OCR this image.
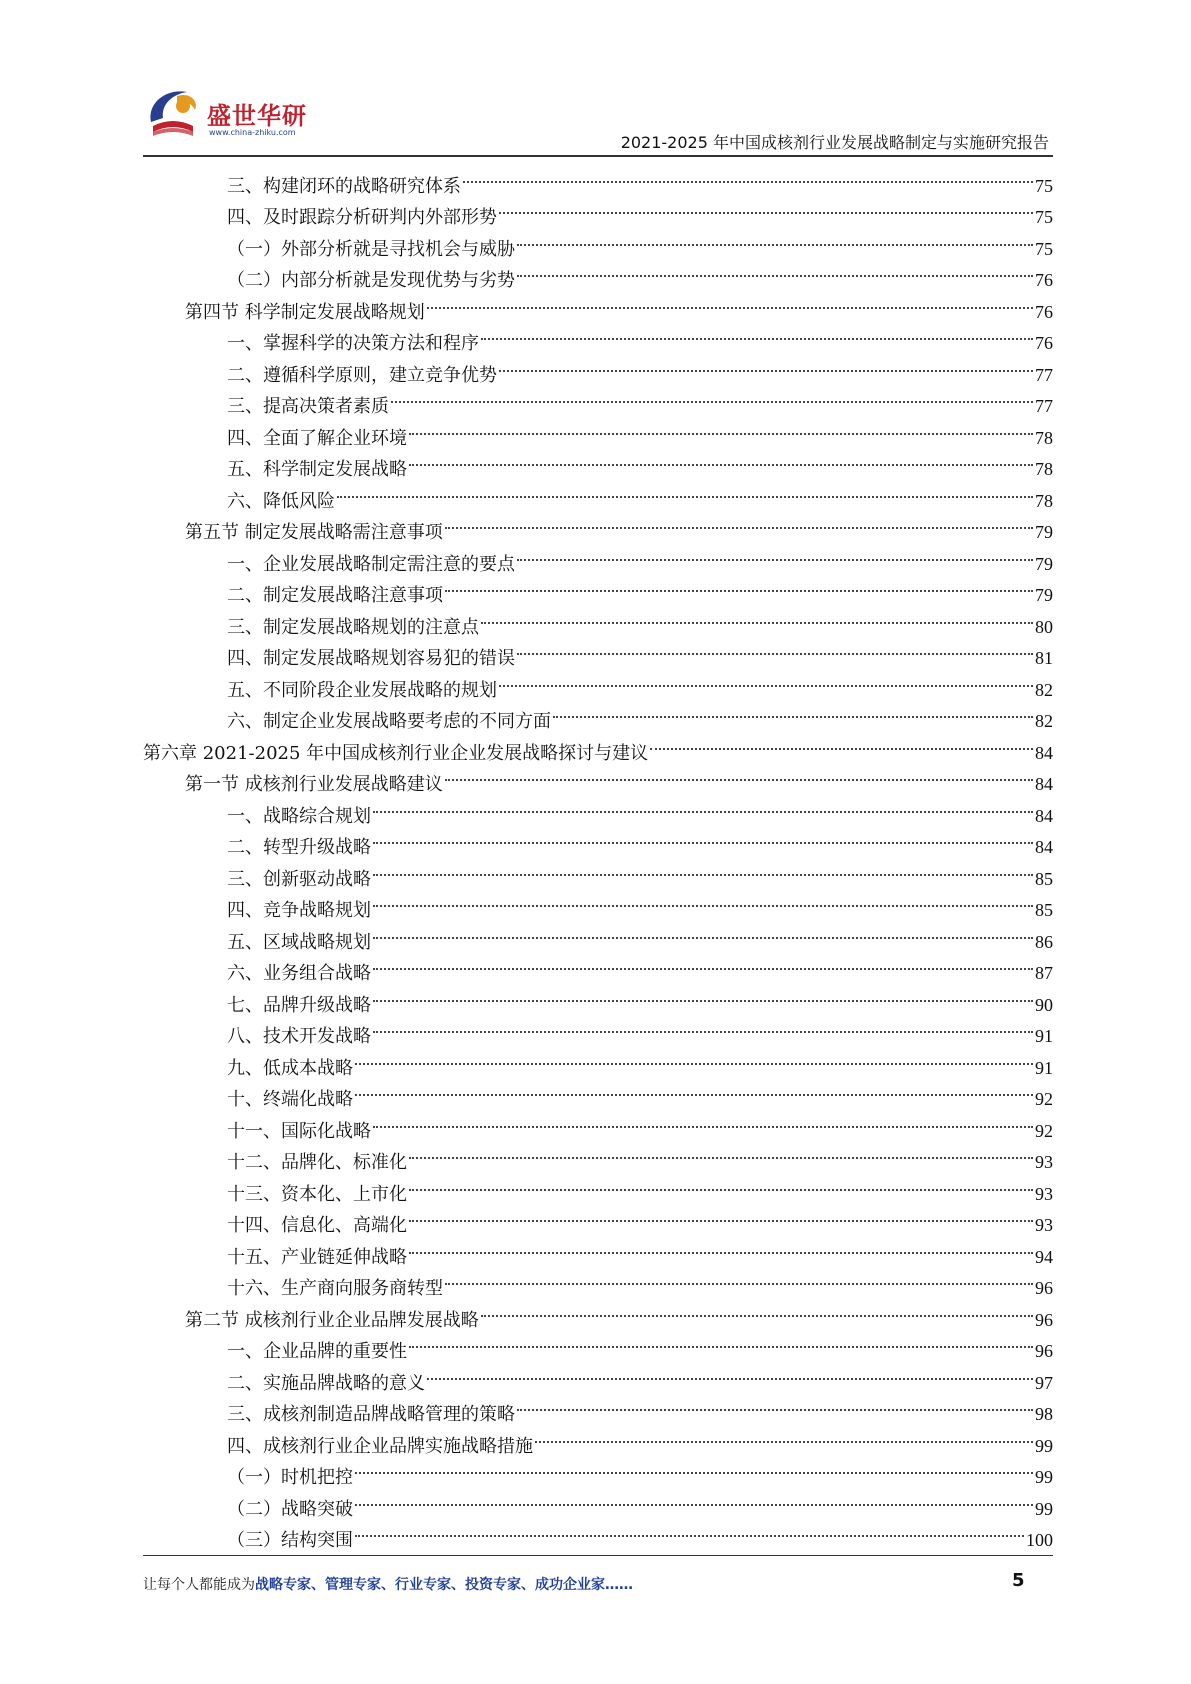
盛世华研
www.china-zhiku.com
2021-2025 年中国成核剂行业发展战略制定与实施研究报告
三、构建闭环的战略研究体系	75
四、及时跟踪分析研判内外部形势	75
（一）外部分析就是寻找机会与威胁	75
（二）内部分析就是发现优势与劣势	76
第四节 科学制定发展战略规划	76
一、掌握科学的决策方法和程序	76
二、遵循科学原则，建立竞争优势	77
三、提高决策者素质	77
四、全面了解企业环境	78
五、科学制定发展战略	78
六、降低风险	78
第五节 制定发展战略需注意事项	79
一、企业发展战略制定需注意的要点	79
二、制定发展战略注意事项	79
三、制定发展战略规划的注意点	80
四、制定发展战略规划容易犯的错误	81
五、不同阶段企业发展战略的规划	82
六、制定企业发展战略要考虑的不同方面	82
第六章 2021-2025 年中国成核剂行业企业发展战略探讨与建议	84
第一节 成核剂行业发展战略建议	84
一、战略综合规划	84
二、转型升级战略	84
三、创新驱动战略	85
四、竞争战略规划	85
五、区域战略规划	86
六、业务组合战略	87
七、品牌升级战略	90
八、技术开发战略	91
九、低成本战略	91
十、终端化战略	92
十一、国际化战略	92
十二、品牌化、标准化	93
十三、资本化、上市化	93
十四、信息化、高端化	93
十五、产业链延伸战略	94
十六、生产商向服务商转型	96
第二节 成核剂行业企业品牌发展战略	96
一、企业品牌的重要性	96
二、实施品牌战略的意义	97
三、成核剂制造品牌战略管理的策略	98
四、成核剂行业企业品牌实施战略措施	99
（一）时机把控	99
（二）战略突破	99
（三）结构突围	100
让每个人都能成为战略专家、管理专家、行业专家、投资专家、成功企业家……	5
